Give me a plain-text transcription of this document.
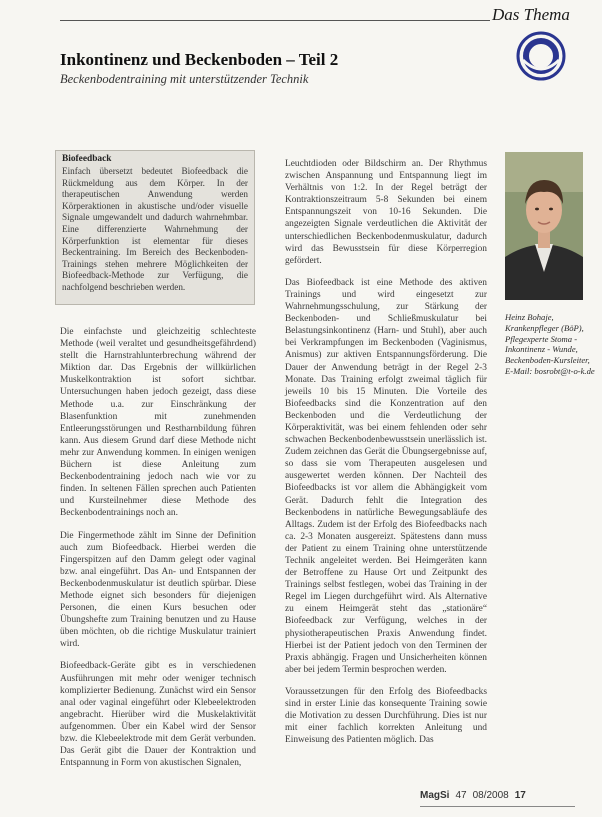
Das Thema
Inkontinenz und Beckenboden – Teil 2
Beckenbodentraining mit unterstützender Technik
Biofeedback
Einfach übersetzt bedeutet Biofeedback die Rückmeldung aus dem Körper. In der therapeutischen Anwendung werden Körperaktionen in akustische und/oder visuelle Signale umgewandelt und dadurch wahrnehmbar. Eine differenzierte Wahrnehmung der Körperfunktion ist elementar für dieses Beckentraining. Im Bereich des Beckenboden-Trainings stehen mehrere Möglichkeiten der Biofeedback-Methode zur Verfügung, die nachfolgend beschrieben werden.

Die einfachste und gleichzeitig schlechteste Methode (weil veraltet und gesundheitsgefährdend) stellt die Harnstrahlunterbrechung während der Miktion dar. Das Ergebnis der willkürlichen Muskelkontraktion ist sofort sichtbar. Untersuchungen haben jedoch gezeigt, dass diese Methode u.a. zur Einschränkung der Blasenfunktion mit zunehmenden Entleerungsstörungen und Restharnbildung führen kann. Aus diesem Grund darf diese Methode nicht mehr zur Anwendung kommen. In einigen wenigen Büchern ist diese Anleitung zum Beckenbodentraining jedoch nach wie vor zu finden. In seltenen Fällen sprechen auch Patienten und Kursteilnehmer diese Methode des Beckenbodentrainings noch an.

Die Fingermethode zählt im Sinne der Definition auch zum Biofeedback. Hierbei werden die Fingerspitzen auf den Damm gelegt oder vaginal bzw. anal eingeführt. Das An- und Entspannen der Beckenbodenmuskulatur ist deutlich spürbar. Diese Methode eignet sich besonders für diejenigen Personen, die einen Kurs besuchen oder Übungshefte zum Training benutzen und zu Hause üben möchten, ob die richtige Muskulatur trainiert wird.

Biofeedback-Geräte gibt es in verschiedenen Ausführungen mit mehr oder weniger technisch komplizierter Bedienung. Zunächst wird ein Sensor anal oder vaginal eingeführt oder Klebeelektroden angebracht. Hierüber wird die Muskelaktivität aufgenommen. Über ein Kabel wird der Sensor bzw. die Klebeelektrode mit dem Gerät verbunden. Das Gerät gibt die Dauer der Kontraktion und Entspannung in Form von akustischen Signalen,

Leuchtdioden oder Bildschirm an. Der Rhythmus zwischen Anspannung und Entspannung liegt im Verhältnis von 1:2. In der Regel beträgt der Kontraktionszeitraum 5-8 Sekunden bei einem Entspannungszeit von 10-16 Sekunden. Die angezeigten Signale verdeutlichen die Aktivität der unterschiedlichen Beckenbodenmuskulatur, dadurch wird das Bewusstsein für diese Körperregion gefördert.

Das Biofeedback ist eine Methode des aktiven Trainings und wird eingesetzt zur Wahrnehmungsschulung, zur Stärkung der Beckenboden- und Schließmuskulatur bei Belastungsinkontinenz (Harn- und Stuhl), aber auch bei Verkrampfungen im Beckenboden (Vaginismus, Anismus) zur aktiven Entspannungsförderung. Die Dauer der Anwendung beträgt in der Regel 2-3 Monate. Das Training erfolgt zweimal täglich für jeweils 10 bis 15 Minuten. Die Vorteile des Biofeedbacks sind die Konzentration auf den Beckenboden und die Verdeutlichung der Körperaktivität, was bei einem fehlenden oder sehr schwachen Beckenbodenbewusstsein unerlässlich ist. Zudem zeichnen das Gerät die Übungsergebnisse auf, so dass sie vom Therapeuten ausgelesen und ausgewertet werden können. Der Nachteil des Biofeedbacks ist vor allem die Abhängigkeit vom Gerät. Dadurch fehlt die Integration des Beckenbodens in natürliche Bewegungsabläufe des Alltags. Zudem ist der Erfolg des Biofeedbacks nach ca. 2-3 Monaten ausgereizt. Spätestens dann muss der Patient zu einem Training ohne unterstützende Technik angeleitet werden. Bei Heimgeräten kann der Betroffene zu Hause Ort und Zeitpunkt des Trainings selbst festlegen, wobei das Training in der Regel im Liegen durchgeführt wird. Als Alternative zu einem Heimgerät steht das „stationäre“ Biofeedback zur Verfügung, welches in der physiotherapeutischen Praxis Anwendung findet. Hierbei ist der Patient jedoch von den Terminen der Praxis abhängig. Fragen und Unsicherheiten können aber bei jedem Termin besprochen werden.

Voraussetzungen für den Erfolg des Biofeedbacks sind in erster Linie das konsequente Training sowie die Motivation zu dessen Durchführung. Dies ist nur mit einer fachlich korrekten Anleitung und Einweisung des Patienten möglich. Das

Heinz Bohaje, Krankenpfleger (BöP), Pflegexperte Stoma - Inkontinenz - Wunde, Beckenboden-Kursleiter, E-Mail: bosrobt@t-o-k.de
MagSi 47 08/2008 17
